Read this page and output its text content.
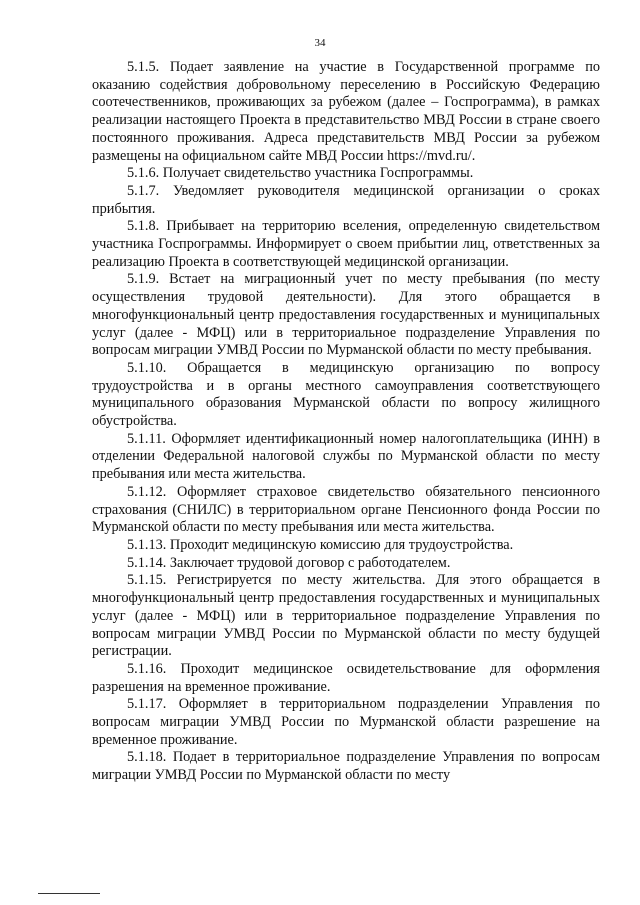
34

5.1.5. Подает заявление на участие в Государственной программе по оказанию содействия добровольному переселению в Российскую Федерацию соотечественников, проживающих за рубежом (далее – Госпрограмма), в рамках реализации настоящего Проекта в представительство МВД России в стране своего постоянного проживания. Адреса представительств МВД России за рубежом размещены на официальном сайте МВД России https://mvd.ru/.

5.1.6. Получает свидетельство участника Госпрограммы.

5.1.7. Уведомляет руководителя медицинской организации о сроках прибытия.

5.1.8. Прибывает на территорию вселения, определенную свидетельством участника Госпрограммы. Информирует о своем прибытии лиц, ответственных за реализацию Проекта в соответствующей медицинской организации.

5.1.9. Встает на миграционный учет по месту пребывания (по месту осуществления трудовой деятельности). Для этого обращается в многофункциональный центр предоставления государственных и муниципальных услуг (далее - МФЦ) или в территориальное подразделение Управления по вопросам миграции УМВД России по Мурманской области по месту пребывания.

5.1.10. Обращается в медицинскую организацию по вопросу трудоустройства и в органы местного самоуправления соответствующего муниципального образования Мурманской области по вопросу жилищного обустройства.

5.1.11. Оформляет идентификационный номер налогоплательщика (ИНН) в отделении Федеральной налоговой службы по Мурманской области по месту пребывания или места жительства.

5.1.12. Оформляет страховое свидетельство обязательного пенсионного страхования (СНИЛС) в территориальном органе Пенсионного фонда России по Мурманской области по месту пребывания или места жительства.

5.1.13. Проходит медицинскую комиссию для трудоустройства.

5.1.14. Заключает трудовой договор с работодателем.

5.1.15. Регистрируется по месту жительства. Для этого обращается в многофункциональный центр предоставления государственных и муниципальных услуг (далее - МФЦ) или в территориальное подразделение Управления по вопросам миграции УМВД России по Мурманской области по месту будущей регистрации.

5.1.16. Проходит медицинское освидетельствование для оформления разрешения на временное проживание.

5.1.17. Оформляет в территориальном подразделении Управления по вопросам миграции УМВД России по Мурманской области разрешение на временное проживание.

5.1.18. Подает в территориальное подразделение Управления по вопросам миграции УМВД России по Мурманской области по месту
